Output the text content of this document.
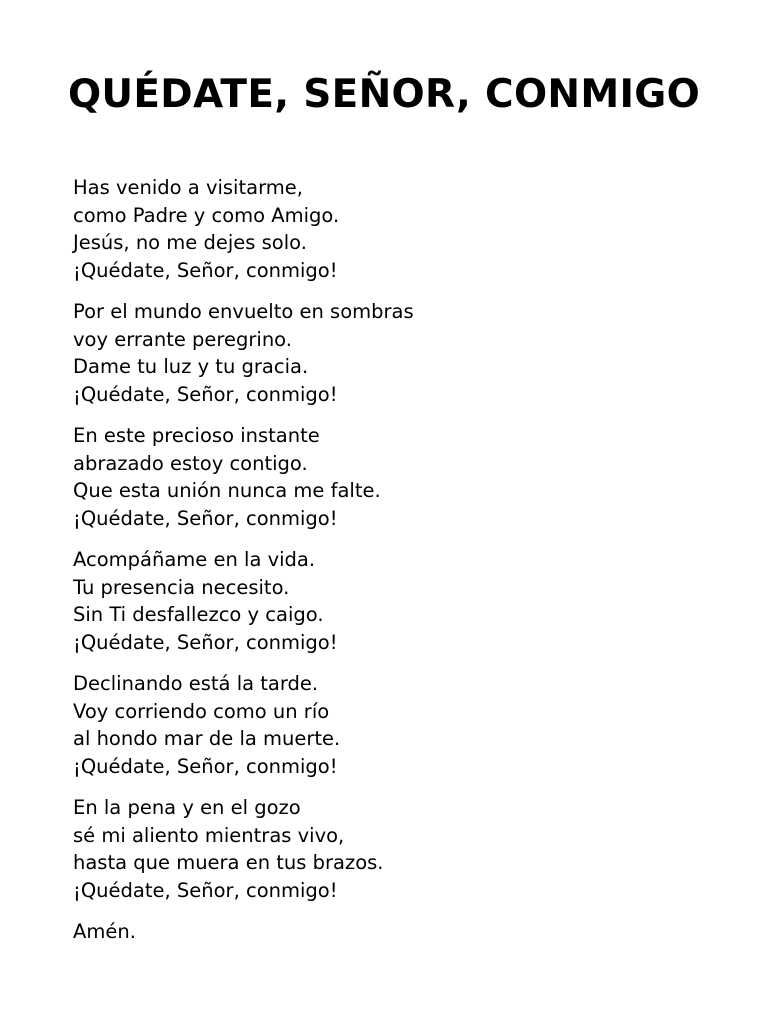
QUÉDATE, SEÑOR, CONMIGO
Has venido a visitarme,
como Padre y como Amigo.
Jesús, no me dejes solo.
¡Quédate, Señor, conmigo!
Por el mundo envuelto en sombras
voy errante peregrino.
Dame tu luz y tu gracia.
¡Quédate, Señor, conmigo!
En este precioso instante
abrazado estoy contigo.
Que esta unión nunca me falte.
¡Quédate, Señor, conmigo!
Acompáñame en la vida.
Tu presencia necesito.
Sin Ti desfallezco y caigo.
¡Quédate, Señor, conmigo!
Declinando está la tarde.
Voy corriendo como un río
al hondo mar de la muerte.
¡Quédate, Señor, conmigo!
En la pena y en el gozo
sé mi aliento mientras vivo,
hasta que muera en tus brazos.
¡Quédate, Señor, conmigo!
Amén.
